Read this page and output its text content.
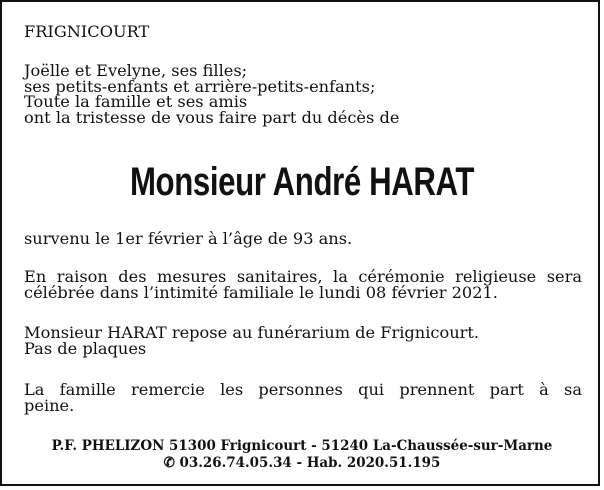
FRIGNICOURT
Joëlle et Evelyne, ses filles;
ses petits-enfants et arrière-petits-enfants;
Toute la famille et ses amis
ont la tristesse de vous faire part du décès de
Monsieur André HARAT
survenu le 1er février à l’âge de 93 ans.
En raison des mesures sanitaires, la cérémonie religieuse sera
célébrée dans l’intimité familiale le lundi 08 février 2021.
Monsieur HARAT repose au funérarium de Frignicourt.
Pas de plaques
La famille remercie les personnes qui prennent part à sa
peine.
P.F. PHELIZON 51300 Frignicourt - 51240 La-Chaussée-sur-Marne
✆ 03.26.74.05.34 - Hab. 2020.51.195
